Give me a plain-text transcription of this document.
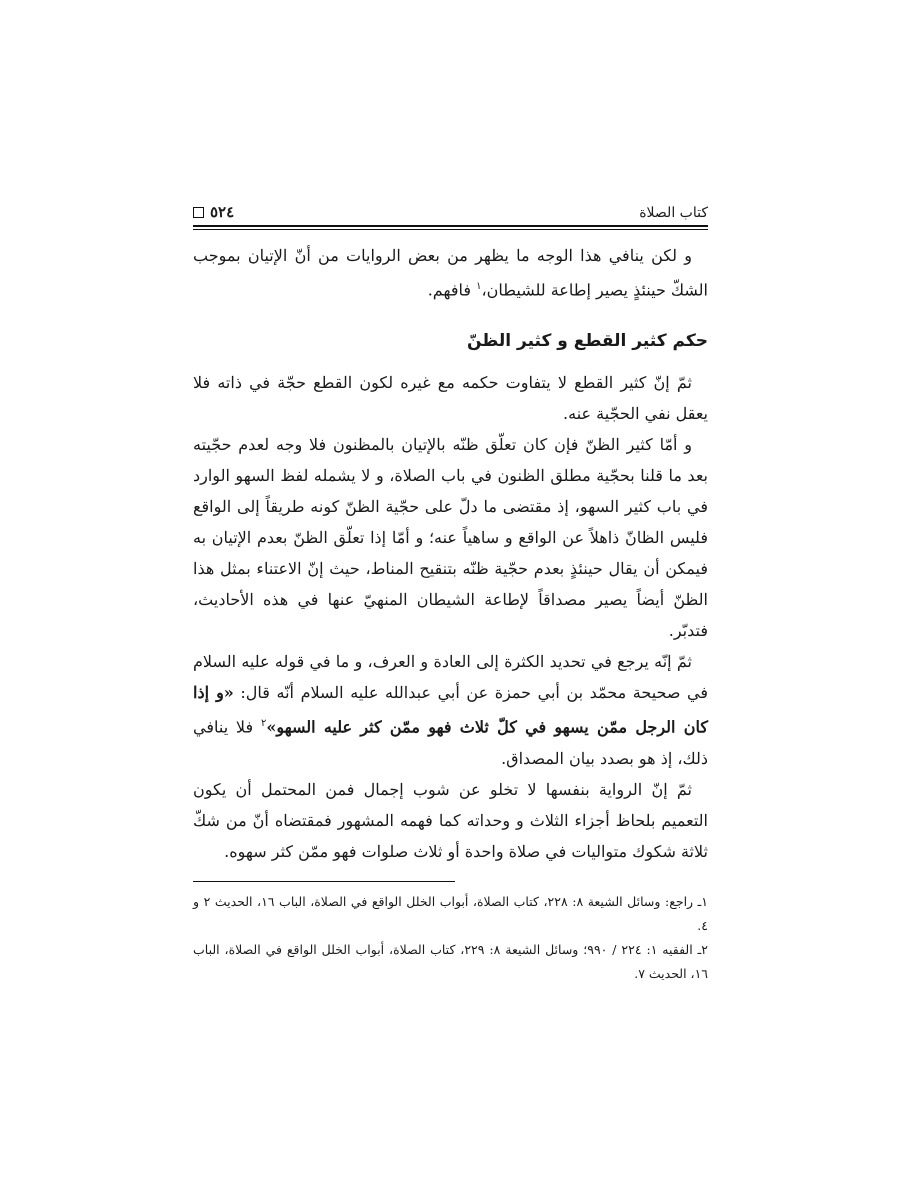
كتاب الصلاة
٥٢٤

و لكن ينافي هذا الوجه ما يظهر من بعض الروايات من أنّ الإتيان بموجب الشكّ حينئذٍ يصير إطاعة للشيطان،$^١$ فافهم.

حكم كثير القطع و كثير الظنّ

ثمّ إنّ كثير القطع لا يتفاوت حكمه مع غيره لكون القطع حجّة في ذاته فلا يعقل نفي الحجّية عنه.

و أمّا كثير الظنّ فإن كان تعلّق ظنّه بالإتيان بالمظنون فلا وجه لعدم حجّيته بعد ما قلنا بحجّية مطلق الظنون في باب الصلاة، و لا يشمله لفظ السهو الوارد في باب كثير السهو، إذ مقتضى ما دلّ على حجّية الظنّ كونه طريقاً إلى الواقع فليس الظانّ ذاهلاً عن الواقع و ساهياً عنه؛ و أمّا إذا تعلّق الظنّ بعدم الإتيان به فيمكن أن يقال حينئذٍ بعدم حجّية ظنّه بتنقيح المناط، حيث إنّ الاعتناء بمثل هذا الظنّ أيضاً يصير مصداقاً لإطاعة الشيطان المنهيّ عنها في هذه الأحاديث، فتدبّر.

ثمّ إنّه يرجع في تحديد الكثرة إلى العادة و العرف، و ما في قوله عليه السلام في صحيحة محمّد بن أبي حمزة عن أبي عبدالله عليه السلام أنّه قال: «و إذا كان الرجل ممّن يسهو في كلّ ثلاث فهو ممّن كثر عليه السهو»$^٢$ فلا ينافي ذلك، إذ هو بصدد بيان المصداق.

ثمّ إنّ الرواية بنفسها لا تخلو عن شوب إجمال فمن المحتمل أن يكون التعميم بلحاظ أجزاء الثلاث و وحداته كما فهمه المشهور فمقتضاه أنّ من شكّ ثلاثة شكوك متواليات في صلاة واحدة أو ثلاث صلوات فهو ممّن كثر سهوه.

١ـ راجع: وسائل الشيعة ٨: ٢٢٨، كتاب الصلاة، أبواب الخلل الواقع في الصلاة، الباب ١٦، الحديث ٢ و ٤.
٢ـ الفقيه ١: ٢٢٤ / ٩٩٠؛ وسائل الشيعة ٨: ٢٢٩، كتاب الصلاة، أبواب الخلل الواقع في الصلاة، الباب ١٦، الحديث ٧.
